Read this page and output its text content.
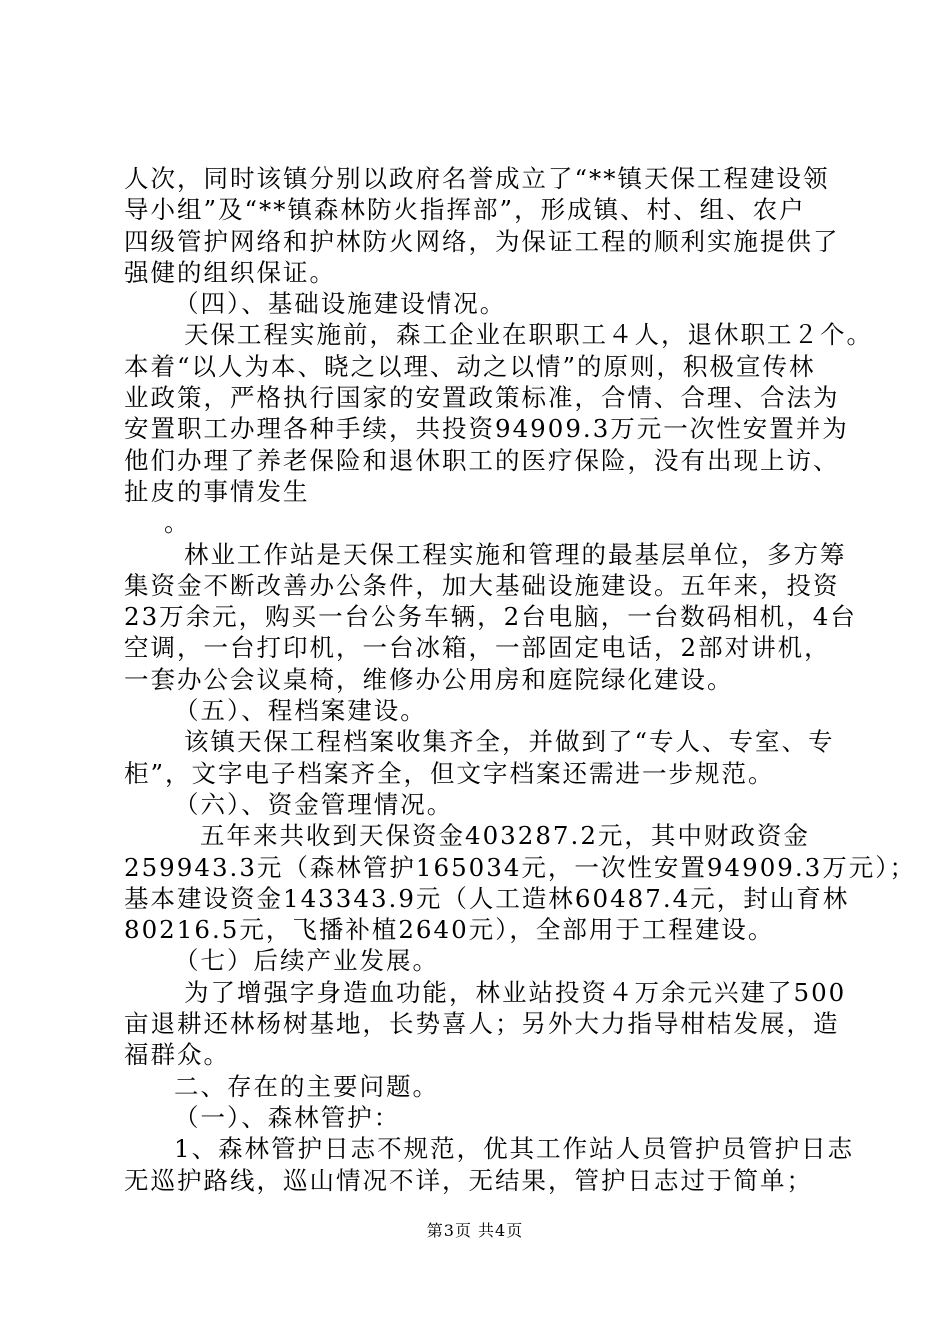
人次，同时该镇分别以政府名誉成立了“**镇天保工程建设领
导小组”及“**镇森林防火指挥部”，形成镇、村、组、农户
四级管护网络和护林防火网络，为保证工程的顺利实施提供了
强健的组织保证。
（四）、基础设施建设情况。
天保工程实施前，森工企业在职职工４人，退休职工２个。
本着“以人为本、晓之以理、动之以情”的原则，积极宣传林
业政策，严格执行国家的安置政策标准，合情、合理、合法为
安置职工办理各种手续，共投资94909.3万元一次性安置并为
他们办理了养老保险和退休职工的医疗保险，没有出现上访、
扯皮的事情发生
。
林业工作站是天保工程实施和管理的最基层单位，多方筹
集资金不断改善办公条件，加大基础设施建设。五年来，投资
23万余元，购买一台公务车辆，2台电脑，一台数码相机，4台
空调，一台打印机，一台冰箱，一部固定电话，2部对讲机，
一套办公会议桌椅，维修办公用房和庭院绿化建设。
（五）、程档案建设。
该镇天保工程档案收集齐全，并做到了“专人、专室、专
柜”，文字电子档案齐全，但文字档案还需进一步规范。
（六）、资金管理情况。
五年来共收到天保资金403287.2元，其中财政资金
259943.3元（森林管护165034元，一次性安置94909.3万元）；
基本建设资金143343.9元（人工造林60487.4元，封山育林
80216.5元，飞播补植2640元），全部用于工程建设。
（七）后续产业发展。
为了增强字身造血功能，林业站投资４万余元兴建了500
亩退耕还林杨树基地，长势喜人；另外大力指导柑桔发展，造
福群众。
二、存在的主要问题。
（一）、森林管护：
1、森林管护日志不规范，优其工作站人员管护员管护日志
无巡护路线，巡山情况不详，无结果，管护日志过于简单；
第3页 共4页
